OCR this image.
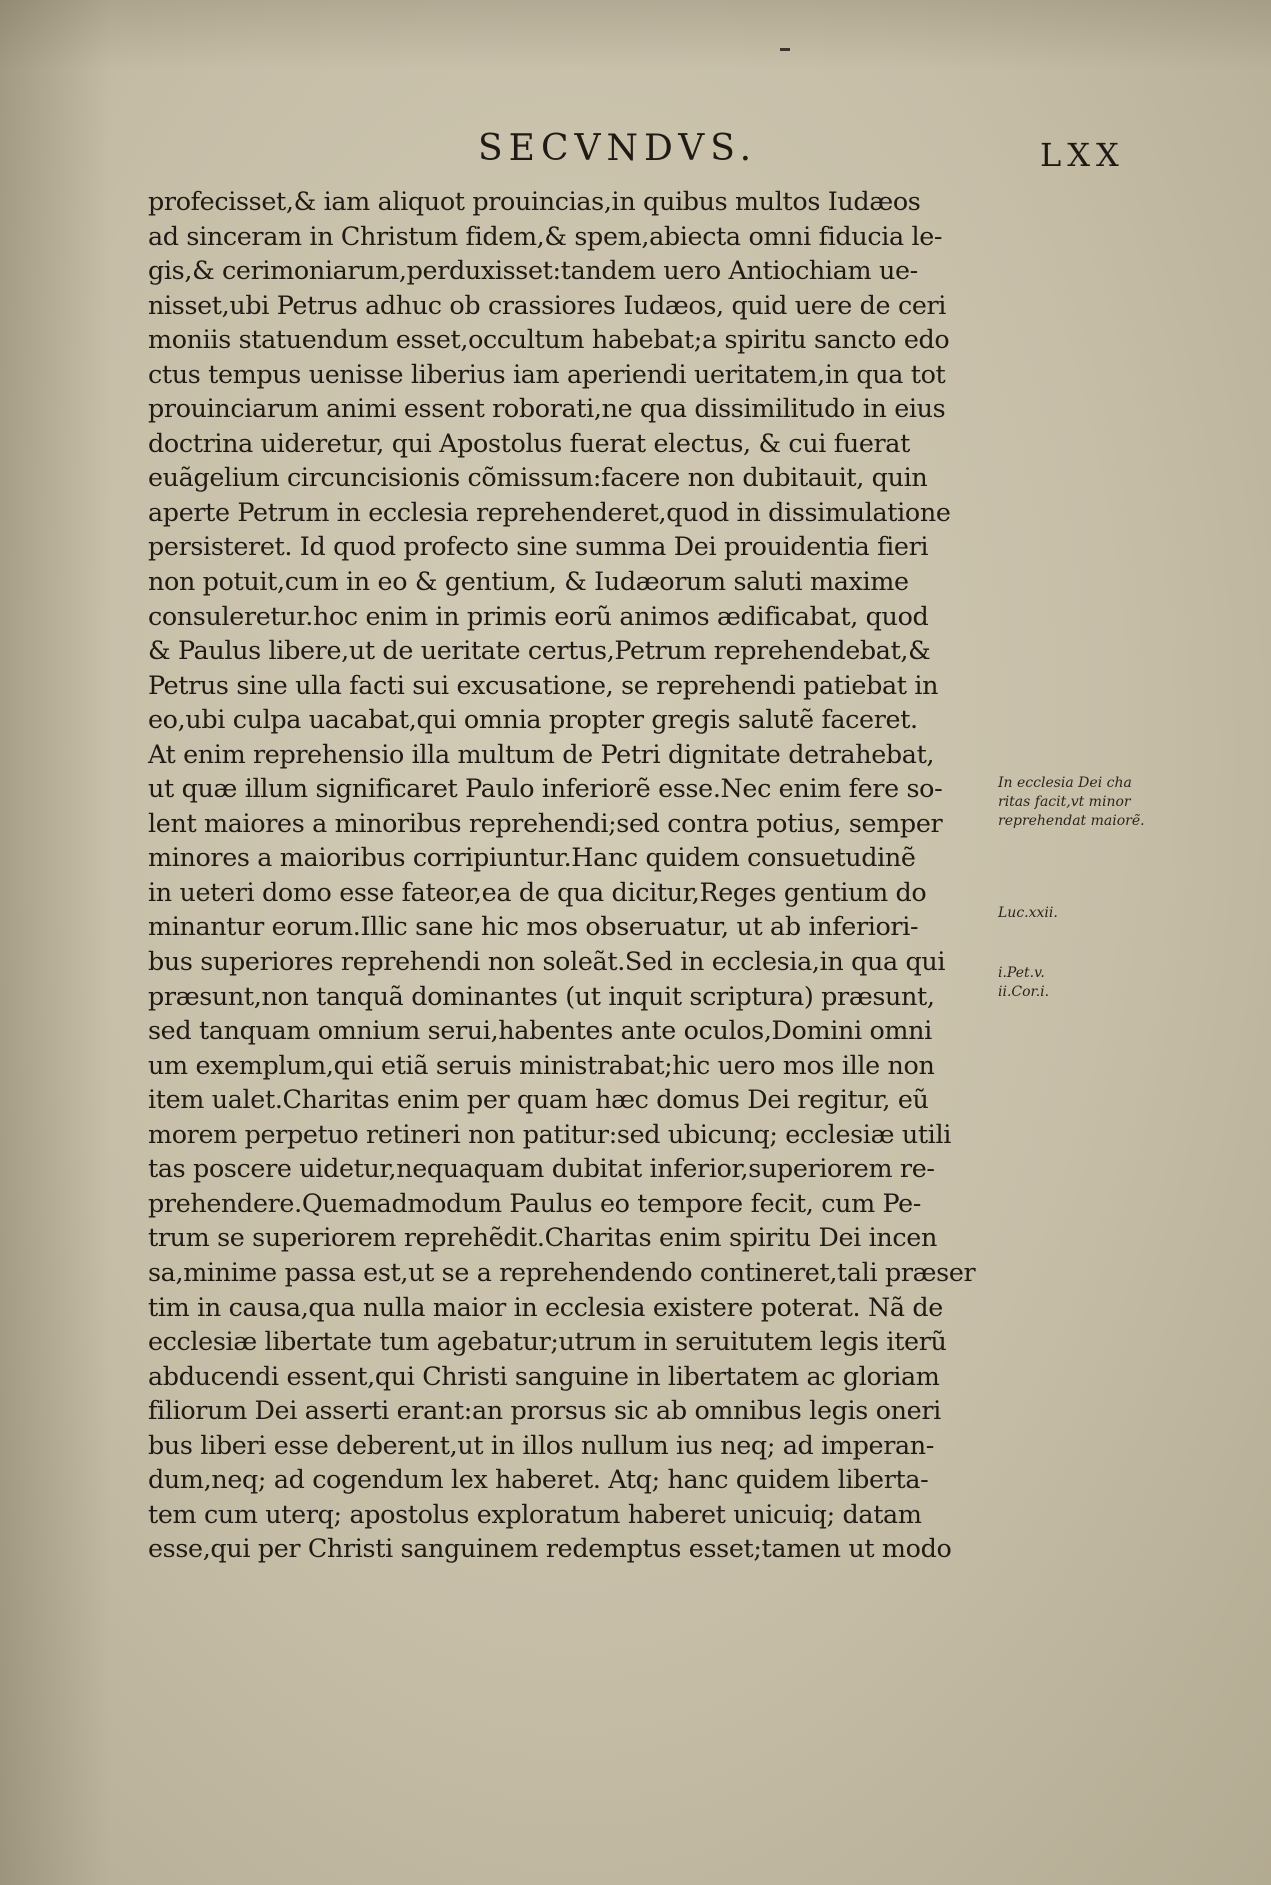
SECVNDVS.	LXX
profecisset,& iam aliquot prouincias,in quibus multos Iudæos
ad sinceram in Christum fidem,& spem,abiecta omni fiducia le-
gis,& cerimoniarum,perduxisset:tandem uero Antiochiam ue-
nisset,ubi Petrus adhuc ob crassiores Iudæos, quid uere de ceri
moniis statuendum esset,occultum habebat;a spiritu sancto edo
ctus tempus uenisse liberius iam aperiendi ueritatem,in qua tot
prouinciarum animi essent roborati,ne qua dissimilitudo in eius
doctrina uideretur, qui Apostolus fuerat electus, & cui fuerat
euãgelium circuncisionis cõmissum:facere non dubitauit, quin
aperte Petrum in ecclesia reprehenderet,quod in dissimulatione
persisteret. Id quod profecto sine summa Dei prouidentia fieri
non potuit,cum in eo & gentium, & Iudæorum saluti maxime
consuleretur.hoc enim in primis eorũ animos ædificabat, quod
& Paulus libere,ut de ueritate certus,Petrum reprehendebat,&
Petrus sine ulla facti sui excusatione, se reprehendi patiebat in
eo,ubi culpa uacabat,qui omnia propter gregis salutẽ faceret.
At enim reprehensio illa multum de Petri dignitate detrahebat,
ut quæ illum significaret Paulo inferiorẽ esse.Nec enim fere so-
lent maiores a minoribus reprehendi;sed contra potius, semper
minores a maioribus corripiuntur.Hanc quidem consuetudinẽ
in ueteri domo esse fateor,ea de qua dicitur,Reges gentium do
minantur eorum.Illic sane hic mos obseruatur, ut ab inferiori-
bus superiores reprehendi non soleãt.Sed in ecclesia,in qua qui
præsunt,non tanquã dominantes (ut inquit scriptura) præsunt,
sed tanquam omnium serui,habentes ante oculos,Domini omni
um exemplum,qui etiã seruis ministrabat;hic uero mos ille non
item ualet.Charitas enim per quam hæc domus Dei regitur, eũ
morem perpetuo retineri non patitur:sed ubicunq; ecclesiæ utili
tas poscere uidetur,nequaquam dubitat inferior,superiorem re-
prehendere.Quemadmodum Paulus eo tempore fecit, cum Pe-
trum se superiorem reprehẽdit.Charitas enim spiritu Dei incen
sa,minime passa est,ut se a reprehendendo contineret,tali præser
tim in causa,qua nulla maior in ecclesia existere poterat. Nã de
ecclesiæ libertate tum agebatur;utrum in seruitutem legis iterũ
abducendi essent,qui Christi sanguine in libertatem ac gloriam
filiorum Dei asserti erant:an prorsus sic ab omnibus legis oneri
bus liberi esse deberent,ut in illos nullum ius neq; ad imperan-
dum,neq; ad cogendum lex haberet. Atq; hanc quidem liberta-
tem cum uterq; apostolus exploratum haberet unicuiq; datam
esse,qui per Christi sanguinem redemptus esset;tamen ut modo
In ecclesia Dei cha
ritas facit,vt minor
reprehendat maiorẽ.
Luc.xxii.
i.Pet.v.
ii.Cor.i.
